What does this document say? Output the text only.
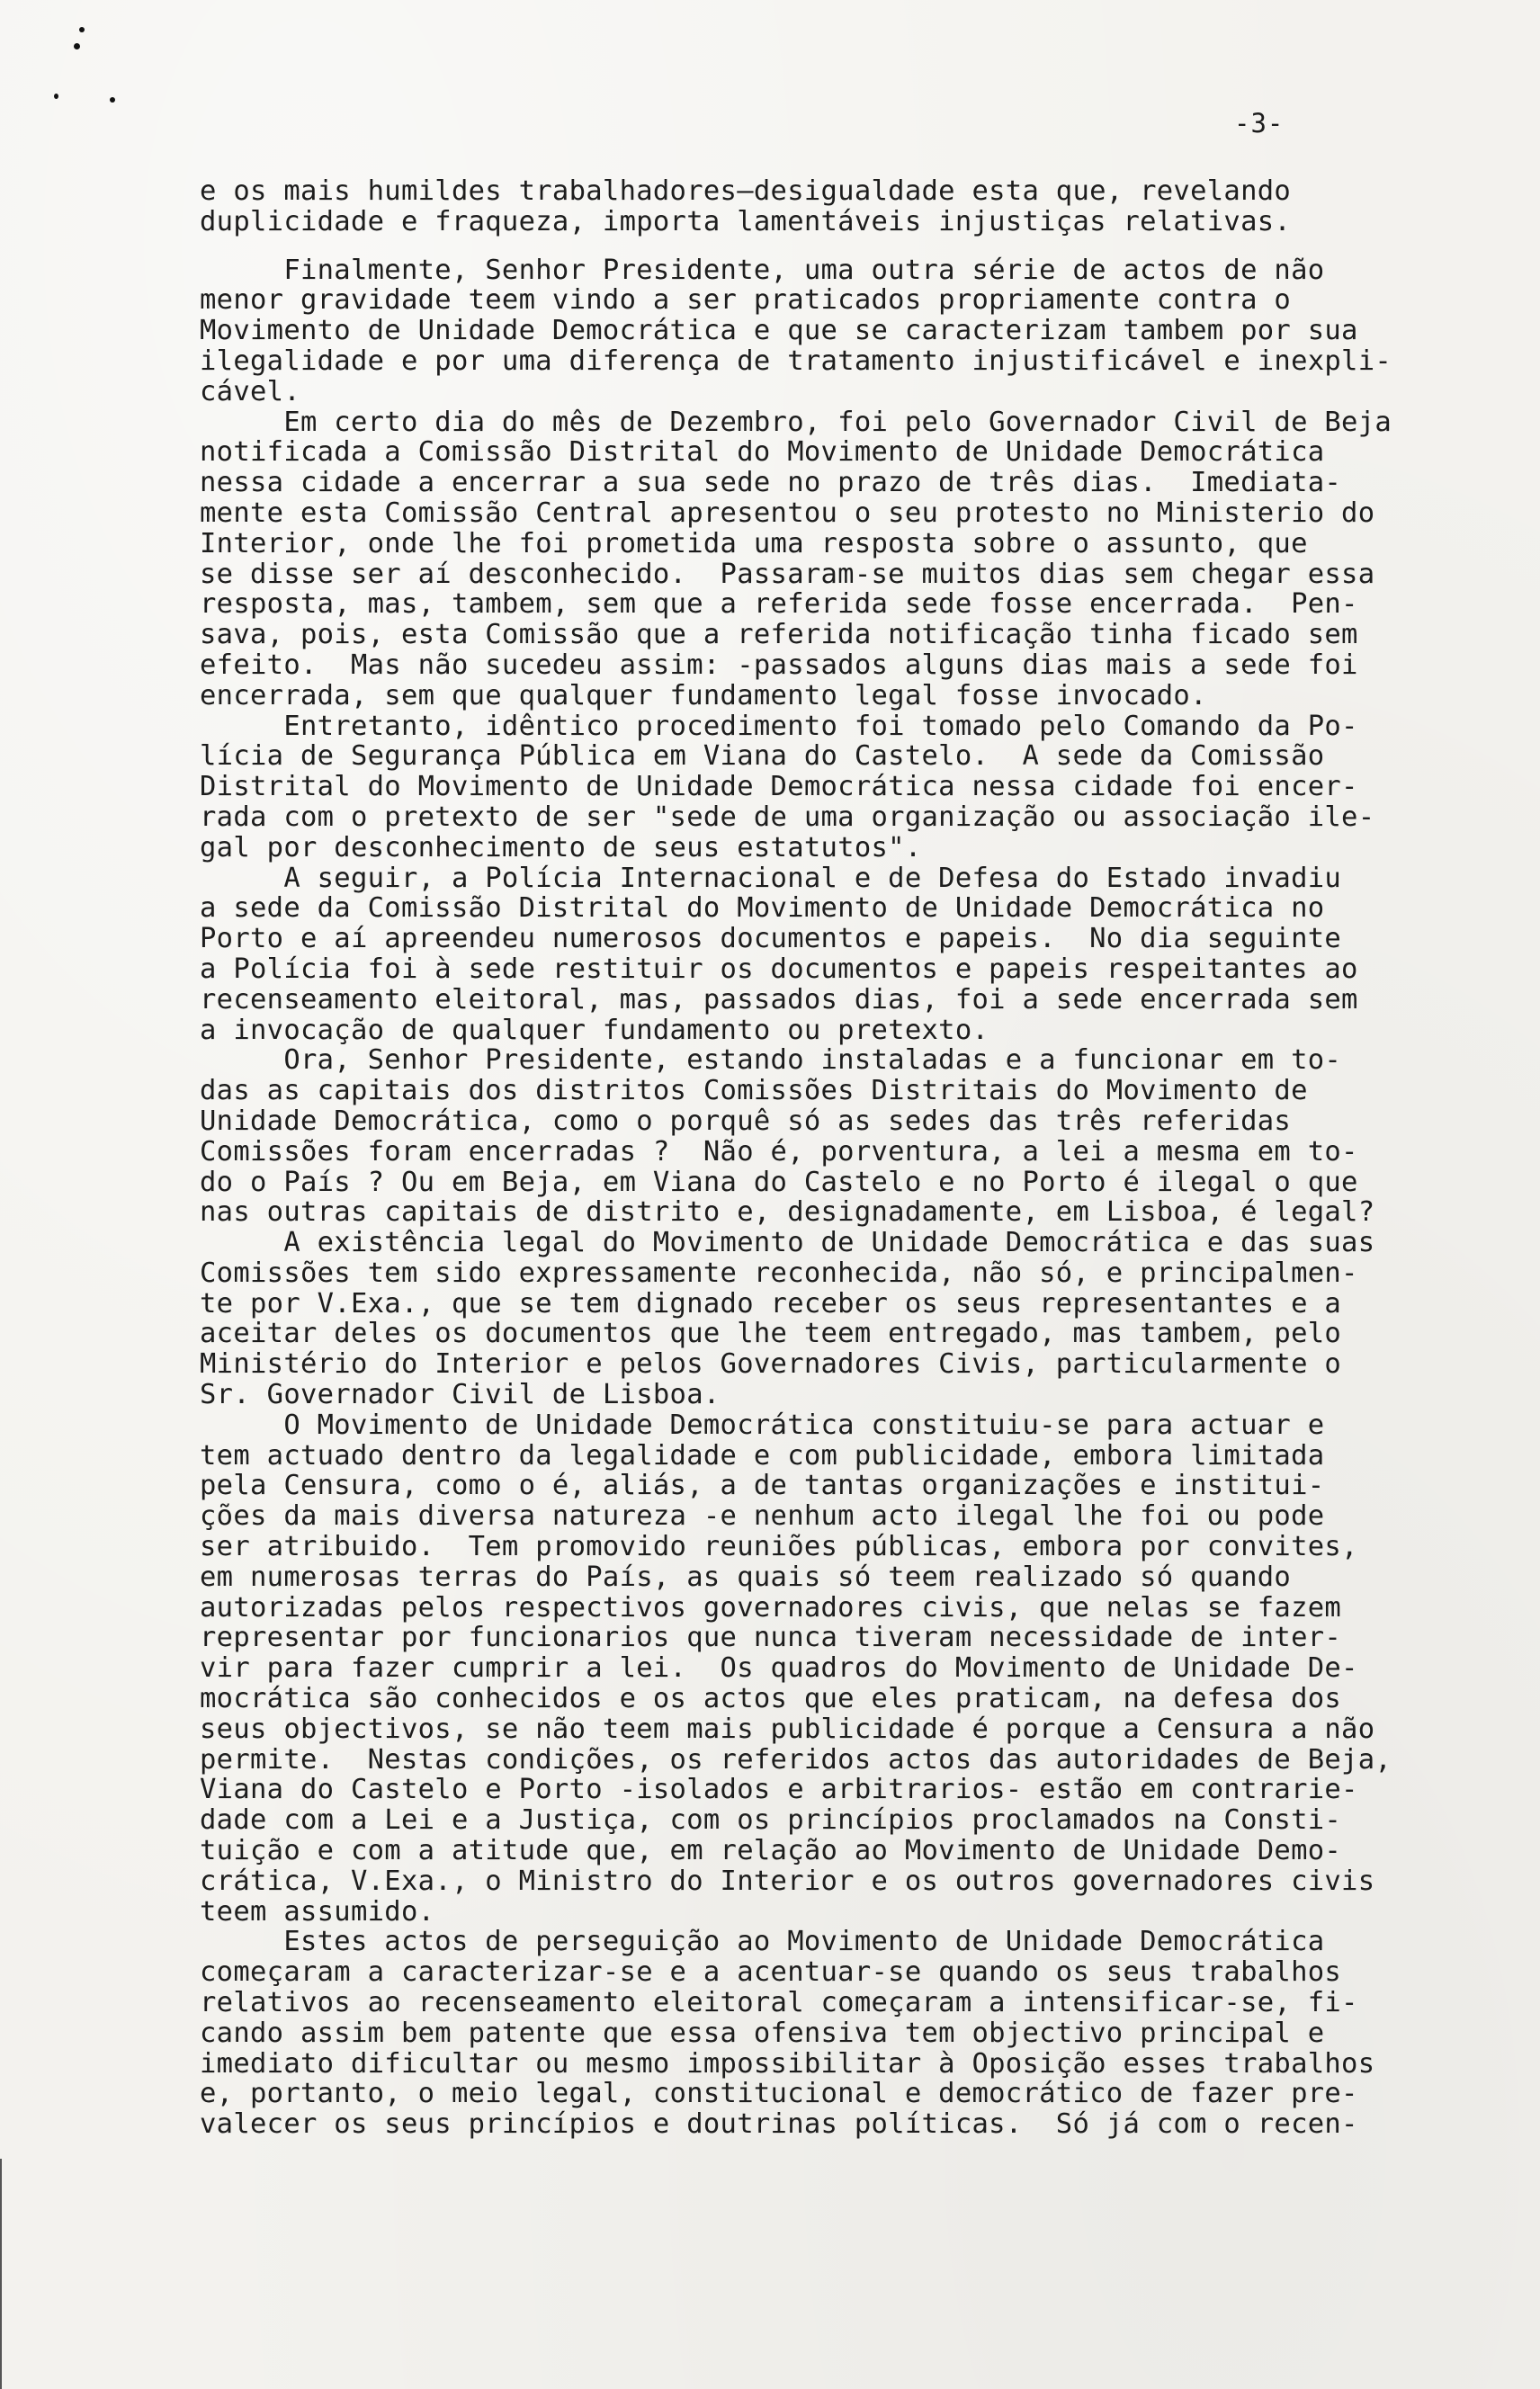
-3-
e os mais humildes trabalhadores—desigualdade esta que, revelando
duplicidade e fraqueza, importa lamentáveis injustiças relativas.
Finalmente, Senhor Presidente, uma outra série de actos de não
menor gravidade teem vindo a ser praticados propriamente contra o
Movimento de Unidade Democrática e que se caracterizam tambem por sua
ilegalidade e por uma diferença de tratamento injustificável e inexpli-
cável.
Em certo dia do mês de Dezembro, foi pelo Governador Civil de Beja
notificada a Comissão Distrital do Movimento de Unidade Democrática
nessa cidade a encerrar a sua sede no prazo de três dias.  Imediata-
mente esta Comissão Central apresentou o seu protesto no Ministerio do
Interior, onde lhe foi prometida uma resposta sobre o assunto, que
se disse ser aí desconhecido.  Passaram-se muitos dias sem chegar essa
resposta, mas, tambem, sem que a referida sede fosse encerrada.  Pen-
sava, pois, esta Comissão que a referida notificação tinha ficado sem
efeito.  Mas não sucedeu assim: -passados alguns dias mais a sede foi
encerrada, sem que qualquer fundamento legal fosse invocado.
Entretanto, idêntico procedimento foi tomado pelo Comando da Po-
lícia de Segurança Pública em Viana do Castelo.  A sede da Comissão
Distrital do Movimento de Unidade Democrática nessa cidade foi encer-
rada com o pretexto de ser "sede de uma organização ou associação ile-
gal por desconhecimento de seus estatutos".
A seguir, a Polícia Internacional e de Defesa do Estado invadiu
a sede da Comissão Distrital do Movimento de Unidade Democrática no
Porto e aí apreendeu numerosos documentos e papeis.  No dia seguinte
a Polícia foi à sede restituir os documentos e papeis respeitantes ao
recenseamento eleitoral, mas, passados dias, foi a sede encerrada sem
a invocação de qualquer fundamento ou pretexto.
Ora, Senhor Presidente, estando instaladas e a funcionar em to-
das as capitais dos distritos Comissões Distritais do Movimento de
Unidade Democrática, como o porquê só as sedes das três referidas
Comissões foram encerradas ?  Não é, porventura, a lei a mesma em to-
do o País ? Ou em Beja, em Viana do Castelo e no Porto é ilegal o que
nas outras capitais de distrito e, designadamente, em Lisboa, é legal?
A existência legal do Movimento de Unidade Democrática e das suas
Comissões tem sido expressamente reconhecida, não só, e principalmen-
te por V.Exa., que se tem dignado receber os seus representantes e a
aceitar deles os documentos que lhe teem entregado, mas tambem, pelo
Ministério do Interior e pelos Governadores Civis, particularmente o
Sr. Governador Civil de Lisboa.
O Movimento de Unidade Democrática constituiu-se para actuar e
tem actuado dentro da legalidade e com publicidade, embora limitada
pela Censura, como o é, aliás, a de tantas organizações e institui-
ções da mais diversa natureza -e nenhum acto ilegal lhe foi ou pode
ser atribuido.  Tem promovido reuniões públicas, embora por convites,
em numerosas terras do País, as quais só teem realizado só quando
autorizadas pelos respectivos governadores civis, que nelas se fazem
representar por funcionarios que nunca tiveram necessidade de inter-
vir para fazer cumprir a lei.  Os quadros do Movimento de Unidade De-
mocrática são conhecidos e os actos que eles praticam, na defesa dos
seus objectivos, se não teem mais publicidade é porque a Censura a não
permite.  Nestas condições, os referidos actos das autoridades de Beja,
Viana do Castelo e Porto -isolados e arbitrarios- estão em contrarie-
dade com a Lei e a Justiça, com os princípios proclamados na Consti-
tuição e com a atitude que, em relação ao Movimento de Unidade Demo-
crática, V.Exa., o Ministro do Interior e os outros governadores civis
teem assumido.
Estes actos de perseguição ao Movimento de Unidade Democrática
começaram a caracterizar-se e a acentuar-se quando os seus trabalhos
relativos ao recenseamento eleitoral começaram a intensificar-se, fi-
cando assim bem patente que essa ofensiva tem objectivo principal e
imediato dificultar ou mesmo impossibilitar à Oposição esses trabalhos
e, portanto, o meio legal, constitucional e democrático de fazer pre-
valecer os seus princípios e doutrinas políticas.  Só já com o recen-
